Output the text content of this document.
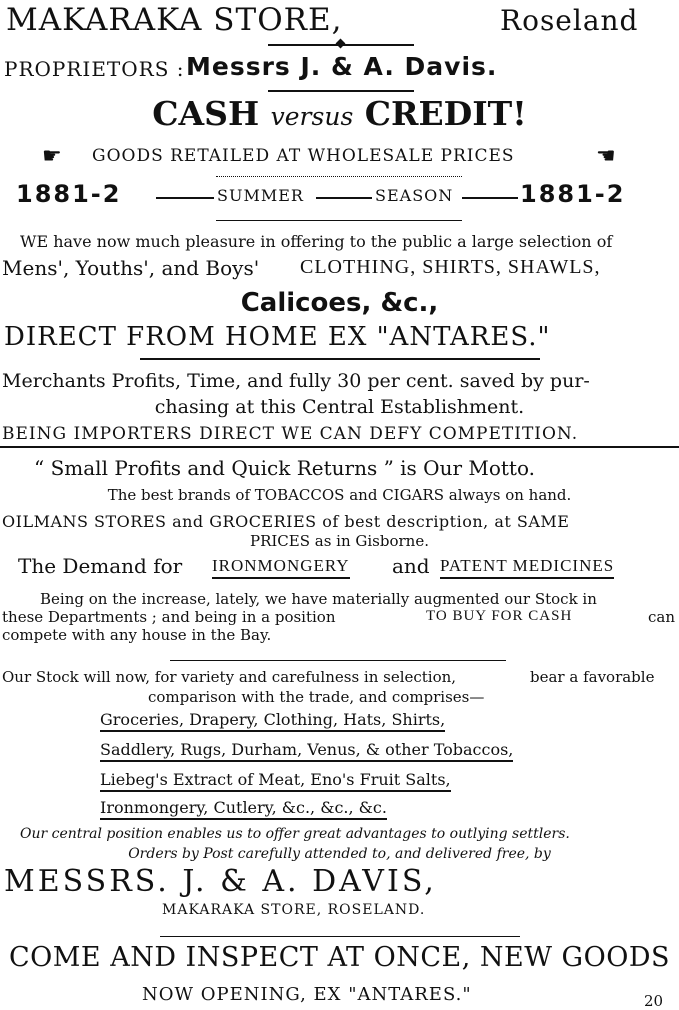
MAKARAKA STORE,	Roseland
PROPRIETORS : Messrs J. & A. Davis.
CASH versus CREDIT!
☛ GOODS RETAILED AT WHOLESALE PRICES	☚
1881-2	SUMMER	SEASON	1881-2
WE have now much pleasure in offering to the public a large selection of
Mens', Youths', and Boys' CLOTHING, SHIRTS, SHAWLS,
Calicoes, &c.,
DIRECT FROM HOME EX "ANTARES."
Merchants Profits, Time, and fully 30 per cent. saved by pur-
chasing at this Central Establishment.
BEING IMPORTERS DIRECT WE CAN DEFY COMPETITION.
“ Small Profits and Quick Returns ” is Our Motto.
The best brands of TOBACCOS and CIGARS always on hand.
OILMANS STORES and GROCERIES of best description, at SAME
PRICES as in Gisborne.
The Demand for IRONMONGERY and PATENT MEDICINES
Being on the increase, lately, we have materially augmented our Stock in
these Departments ; and being in a position	TO BUY FOR CASH	can
compete with any house in the Bay.
Our Stock will now, for variety and carefulness in selection,	bear a favorable
comparison with the trade, and comprises—
Groceries, Drapery, Clothing, Hats, Shirts,
Saddlery, Rugs, Durham, Venus, & other Tobaccos,
Liebeg's Extract of Meat, Eno's Fruit Salts,
Ironmongery, Cutlery, &c., &c., &c.
Our central position enables us to offer great advantages to outlying settlers.
Orders by Post carefully attended to, and delivered free, by
MESSRS. J. & A. DAVIS,
MAKARAKA STORE, ROSELAND.
COME AND INSPECT AT ONCE, NEW GOODS
NOW OPENING, EX "ANTARES."	20
